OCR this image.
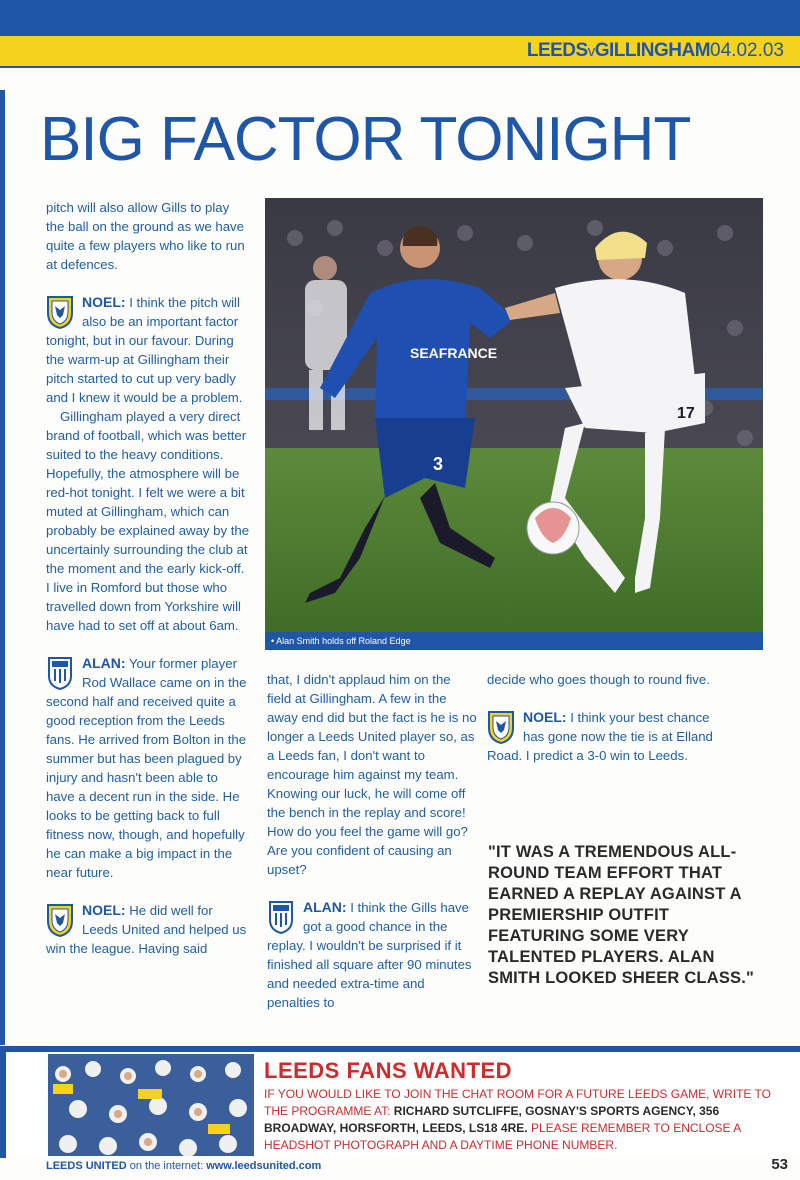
LEEDSvGILLINGHAM04.02.03
BIG FACTOR TONIGHT

pitch will also allow Gills to play the ball on the ground as we have quite a few players who like to run at defences.

NOEL: I think the pitch will also be an important factor tonight, but in our favour. During the warm-up at Gillingham their pitch started to cut up very badly and I knew it would be a problem.

Gillingham played a very direct brand of football, which was better suited to the heavy conditions. Hopefully, the atmosphere will be red-hot tonight. I felt we were a bit muted at Gillingham, which can probably be explained away by the uncertainly surrounding the club at the moment and the early kick-off. I live in Romford but those who travelled down from Yorkshire will have had to set off at about 6am.

ALAN: Your former player Rod Wallace came on in the second half and received quite a good reception from the Leeds fans. He arrived from Bolton in the summer but has been plagued by injury and hasn't been able to have a decent run in the side. He looks to be getting back to full fitness now, though, and hopefully he can make a big impact in the near future.

NOEL: He did well for Leeds United and helped us win the league. Having said

SEAFRANCE
3
17
• Alan Smith holds off Roland Edge

that, I didn't applaud him on the field at Gillingham. A few in the away end did but the fact is he is no longer a Leeds United player so, as a Leeds fan, I don't want to encourage him against my team. Knowing our luck, he will come off the bench in the replay and score! How do you feel the game will go? Are you confident of causing an upset?

ALAN: I think the Gills have got a good chance in the replay. I wouldn't be surprised if it finished all square after 90 minutes and needed extra-time and penalties to

decide who goes though to round five.

NOEL: I think your best chance has gone now the tie is at Elland Road. I predict a 3-0 win to Leeds.

"IT WAS A TREMENDOUS ALL-ROUND TEAM EFFORT THAT EARNED A REPLAY AGAINST A PREMIERSHIP OUTFIT FEATURING SOME VERY TALENTED PLAYERS. ALAN SMITH LOOKED SHEER CLASS."
LEEDS FANS WANTED
IF YOU WOULD LIKE TO JOIN THE CHAT ROOM FOR A FUTURE LEEDS GAME, WRITE TO THE PROGRAMME AT: RICHARD SUTCLIFFE, GOSNAY'S SPORTS AGENCY, 356 BROADWAY, HORSFORTH, LEEDS, LS18 4RE. PLEASE REMEMBER TO ENCLOSE A HEADSHOT PHOTOGRAPH AND A DAYTIME PHONE NUMBER.
LEEDS UNITED on the internet: www.leedsunited.com	53
